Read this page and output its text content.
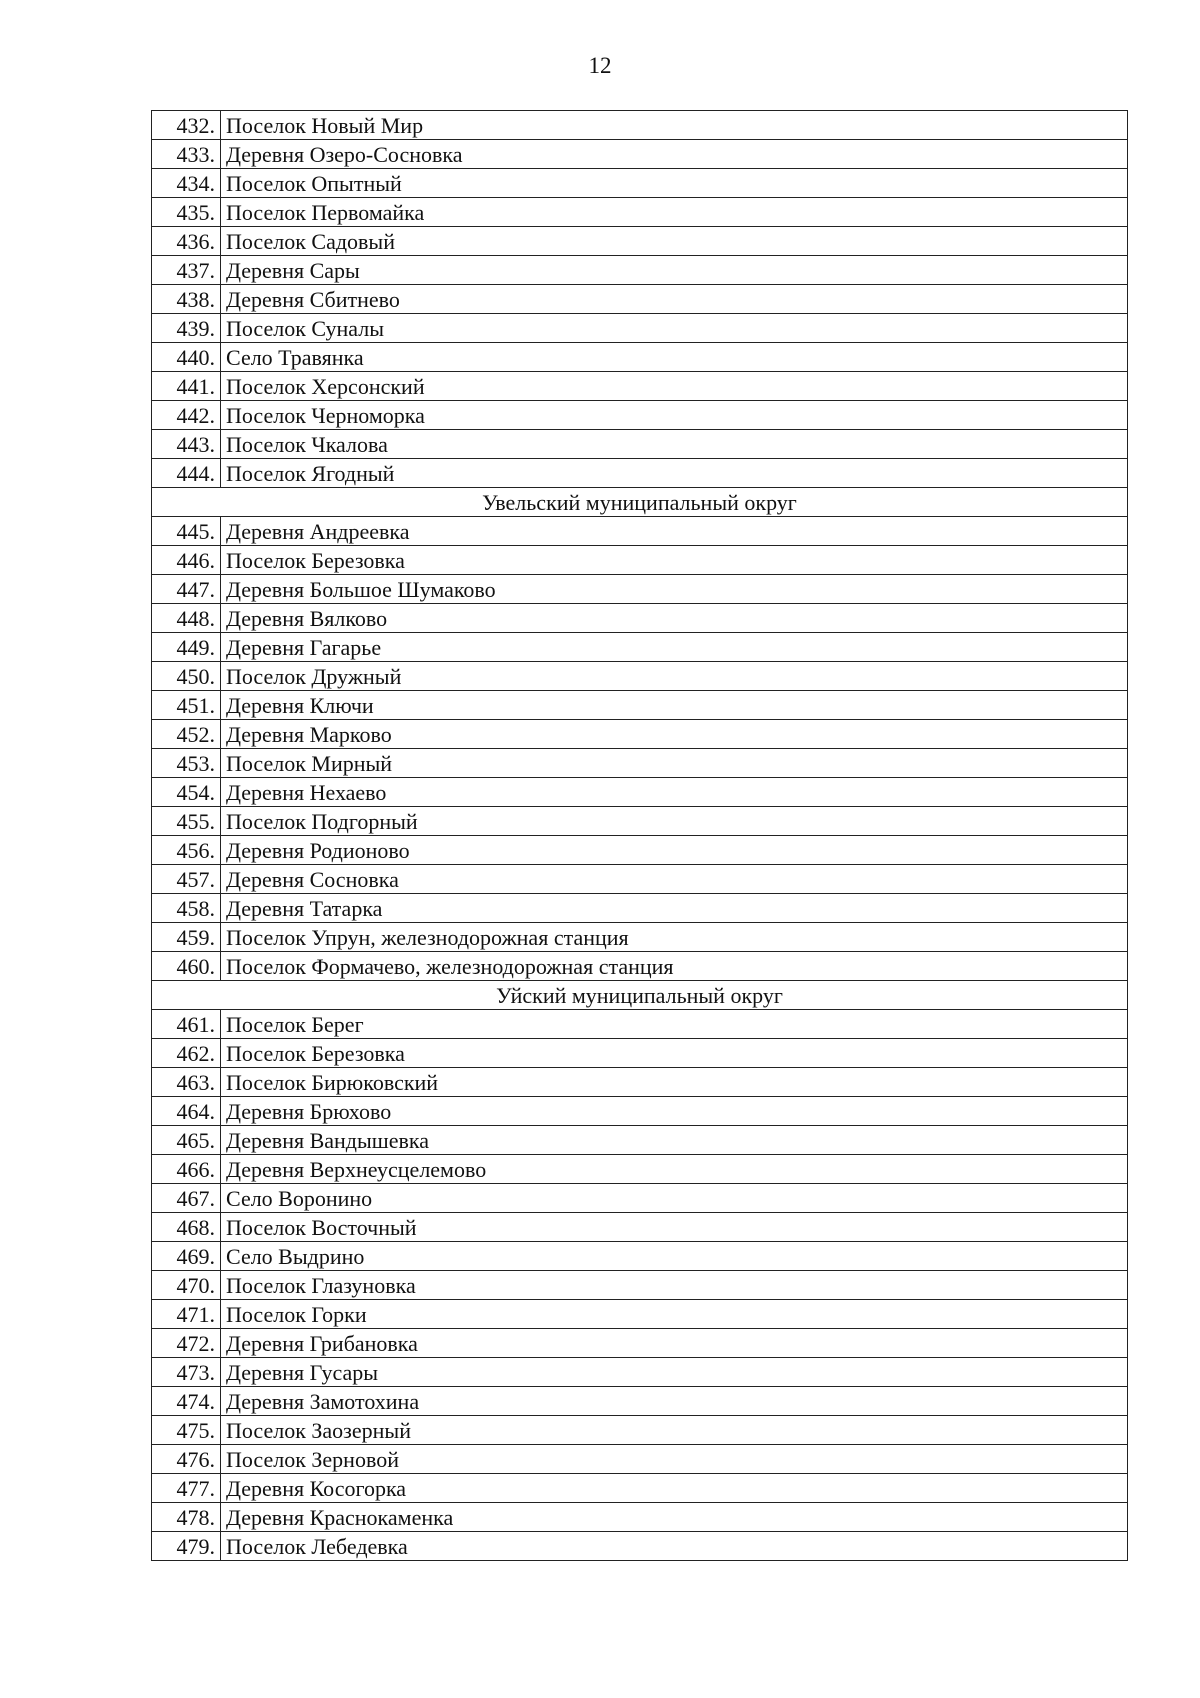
12
432.	Поселок Новый Мир
433.	Деревня Озеро-Сосновка
434.	Поселок Опытный
435.	Поселок Первомайка
436.	Поселок Садовый
437.	Деревня Сары
438.	Деревня Сбитнево
439.	Поселок Суналы
440.	Село Травянка
441.	Поселок Херсонский
442.	Поселок Черноморка
443.	Поселок Чкалова
444.	Поселок Ягодный
Увельский муниципальный округ	
445.	Деревня Андреевка
446.	Поселок Березовка
447.	Деревня Большое Шумаково
448.	Деревня Вялково
449.	Деревня Гагарье
450.	Поселок Дружный
451.	Деревня Ключи
452.	Деревня Марково
453.	Поселок Мирный
454.	Деревня Нехаево
455.	Поселок Подгорный
456.	Деревня Родионово
457.	Деревня Сосновка
458.	Деревня Татарка
459.	Поселок Упрун, железнодорожная станция
460.	Поселок Формачево, железнодорожная станция
Уйский муниципальный округ	
461.	Поселок Берег
462.	Поселок Березовка
463.	Поселок Бирюковский
464.	Деревня Брюхово
465.	Деревня Вандышевка
466.	Деревня Верхнеусцелемово
467.	Село Воронино
468.	Поселок Восточный
469.	Село Выдрино
470.	Поселок Глазуновка
471.	Поселок Горки
472.	Деревня Грибановка
473.	Деревня Гусары
474.	Деревня Замотохина
475.	Поселок Заозерный
476.	Поселок Зерновой
477.	Деревня Косогорка
478.	Деревня Краснокаменка
479.	Поселок Лебедевка
